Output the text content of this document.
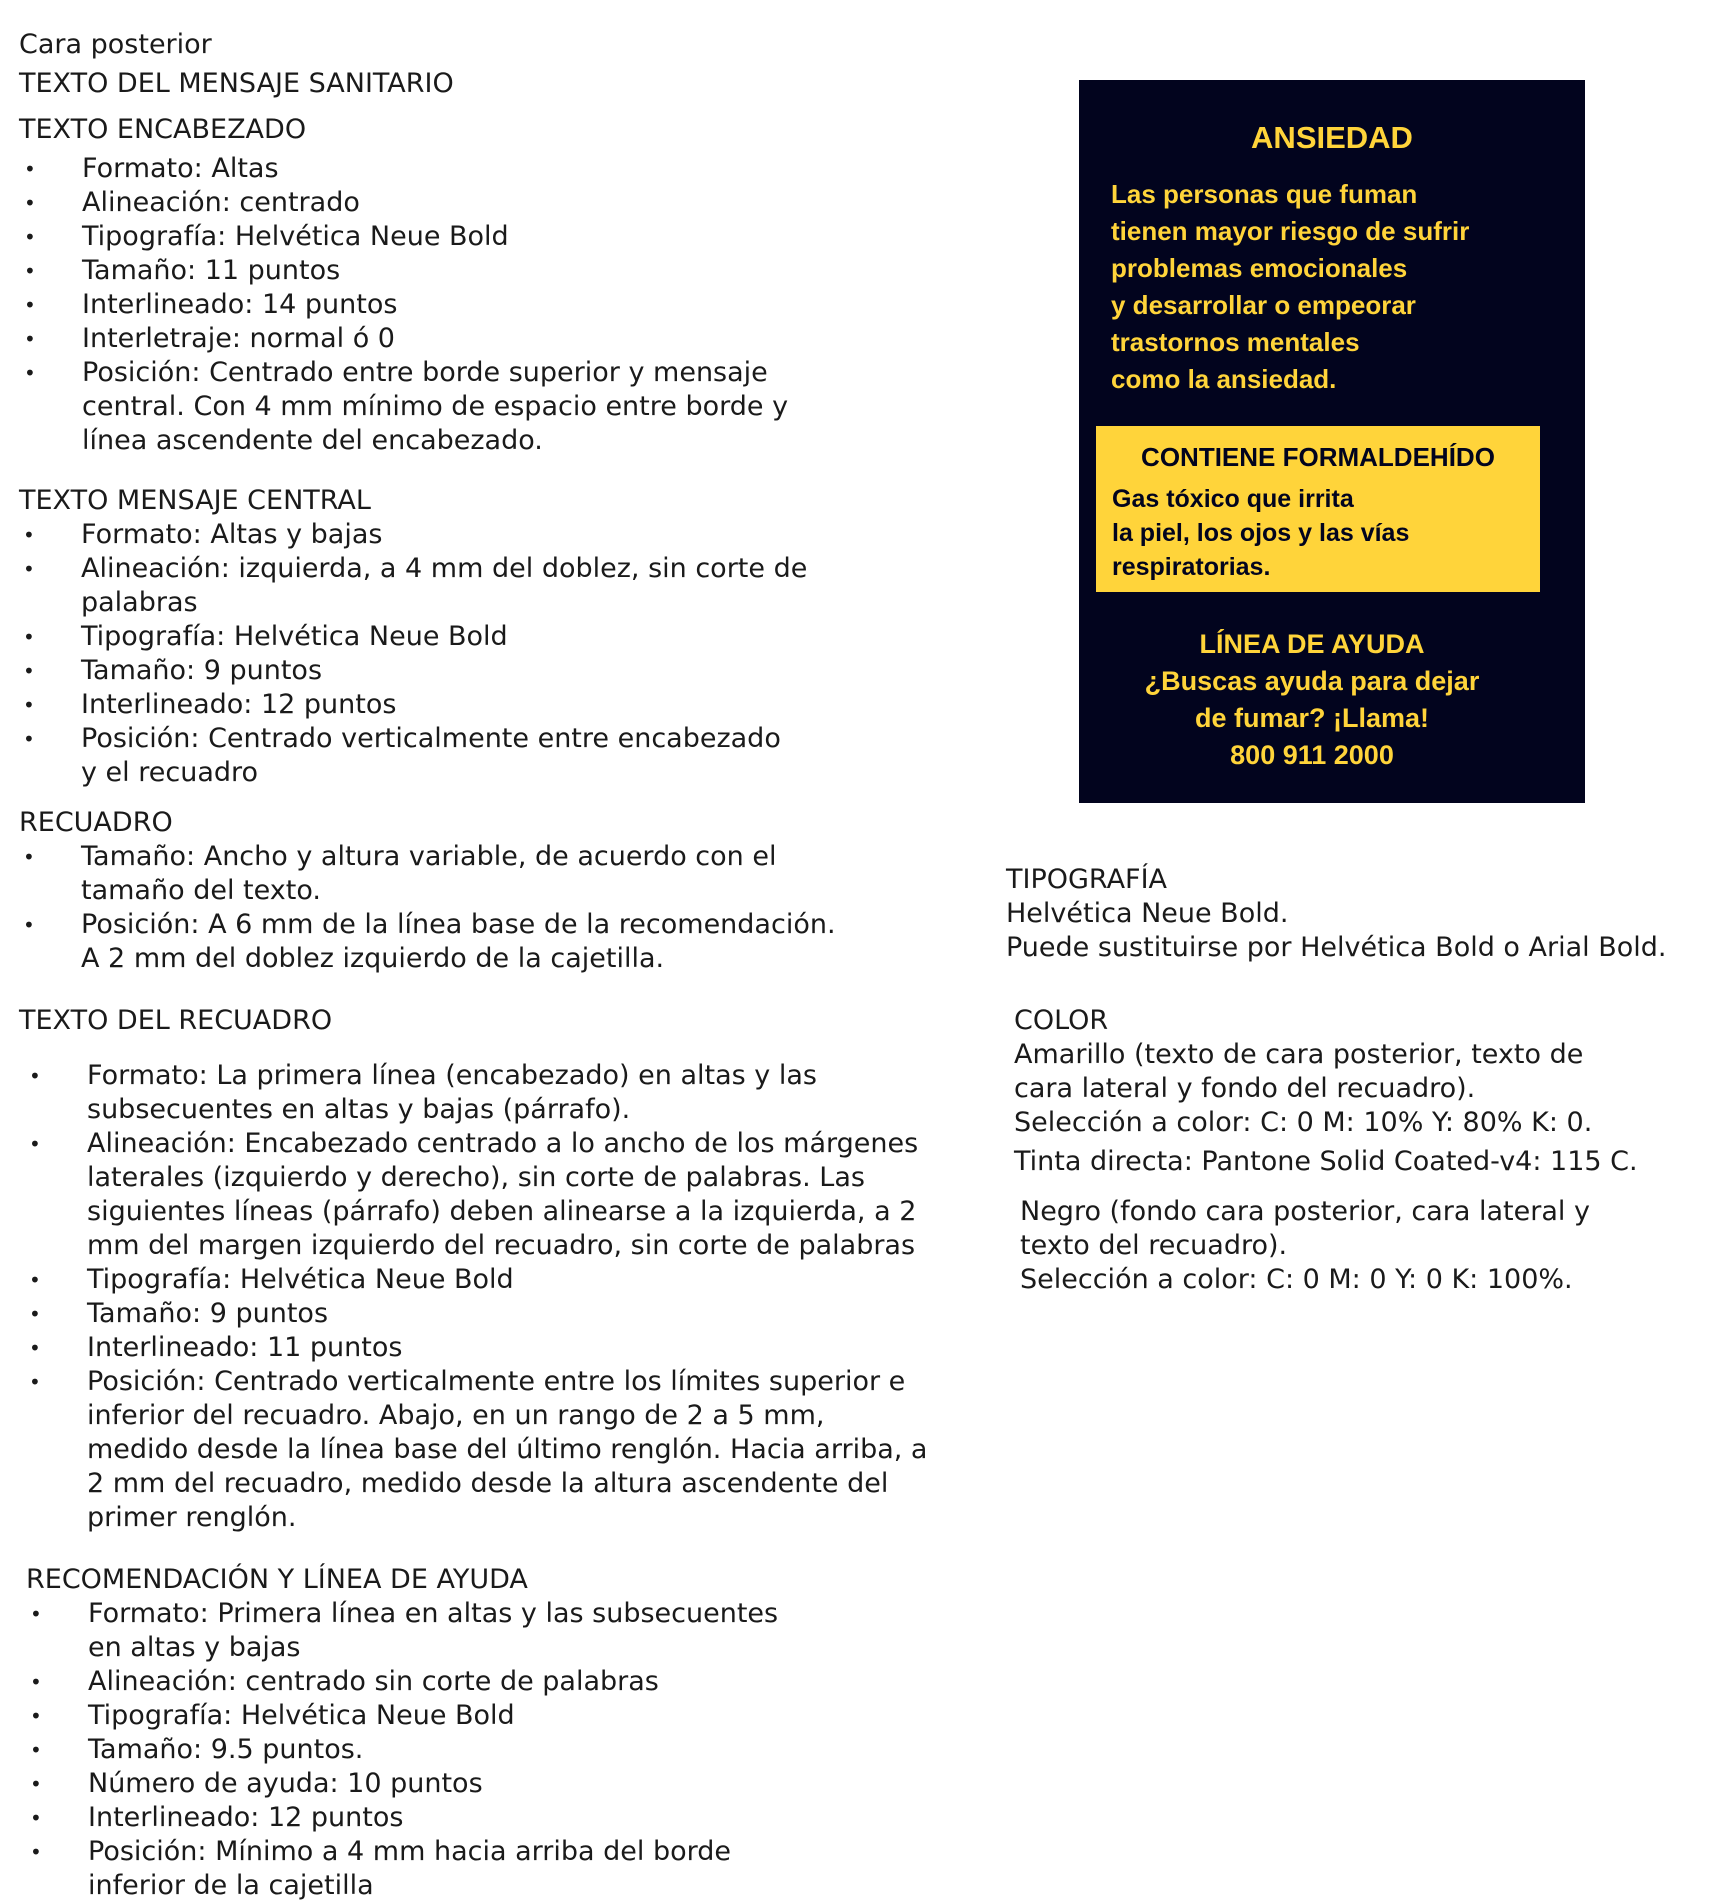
Cara posterior
TEXTO DEL MENSAJE SANITARIO
TEXTO ENCABEZADO
• Formato: Altas
• Alineación: centrado
• Tipografía: Helvética Neue Bold
• Tamaño: 11 puntos
• Interlineado: 14 puntos
• Interletraje: normal ó 0
• Posición: Centrado entre borde superior y mensaje
central. Con 4 mm mínimo de espacio entre borde y
línea ascendente del encabezado.
TEXTO MENSAJE CENTRAL
• Formato: Altas y bajas
• Alineación: izquierda, a 4 mm del doblez, sin corte de
palabras
• Tipografía: Helvética Neue Bold
• Tamaño: 9 puntos
• Interlineado: 12 puntos
• Posición: Centrado verticalmente entre encabezado
y el recuadro
RECUADRO
• Tamaño: Ancho y altura variable, de acuerdo con el
tamaño del texto.
• Posición: A 6 mm de la línea base de la recomendación.
A 2 mm del doblez izquierdo de la cajetilla.
TEXTO DEL RECUADRO
• Formato: La primera línea (encabezado) en altas y las
subsecuentes en altas y bajas (párrafo).
• Alineación: Encabezado centrado a lo ancho de los márgenes
laterales (izquierdo y derecho), sin corte de palabras. Las
siguientes líneas (párrafo) deben alinearse a la izquierda, a 2
mm del margen izquierdo del recuadro, sin corte de palabras
• Tipografía: Helvética Neue Bold
• Tamaño: 9 puntos
• Interlineado: 11 puntos
• Posición: Centrado verticalmente entre los límites superior e
inferior del recuadro. Abajo, en un rango de 2 a 5 mm,
medido desde la línea base del último renglón. Hacia arriba, a
2 mm del recuadro, medido desde la altura ascendente del
primer renglón.
RECOMENDACIÓN Y LÍNEA DE AYUDA
• Formato: Primera línea en altas y las subsecuentes
en altas y bajas
• Alineación: centrado sin corte de palabras
• Tipografía: Helvética Neue Bold
• Tamaño: 9.5 puntos.
• Número de ayuda: 10 puntos
• Interlineado: 12 puntos
• Posición: Mínimo a 4 mm hacia arriba del borde
inferior de la cajetilla
ANSIEDAD
Las personas que fuman
tienen mayor riesgo de sufrir
problemas emocionales
y desarrollar o empeorar
trastornos mentales
como la ansiedad.
CONTIENE FORMALDEHÍDO
Gas tóxico que irrita
la piel, los ojos y las vías
respiratorias.
LÍNEA DE AYUDA
¿Buscas ayuda para dejar
de fumar? ¡Llama!
800 911 2000
TIPOGRAFÍA
Helvética Neue Bold.
Puede sustituirse por Helvética Bold o Arial Bold.
COLOR
Amarillo (texto de cara posterior, texto de
cara lateral y fondo del recuadro).
Selección a color: C: 0 M: 10% Y: 80% K: 0.
Tinta directa: Pantone Solid Coated-v4: 115 C.
Negro (fondo cara posterior, cara lateral y
texto del recuadro).
Selección a color: C: 0 M: 0 Y: 0 K: 100%.
